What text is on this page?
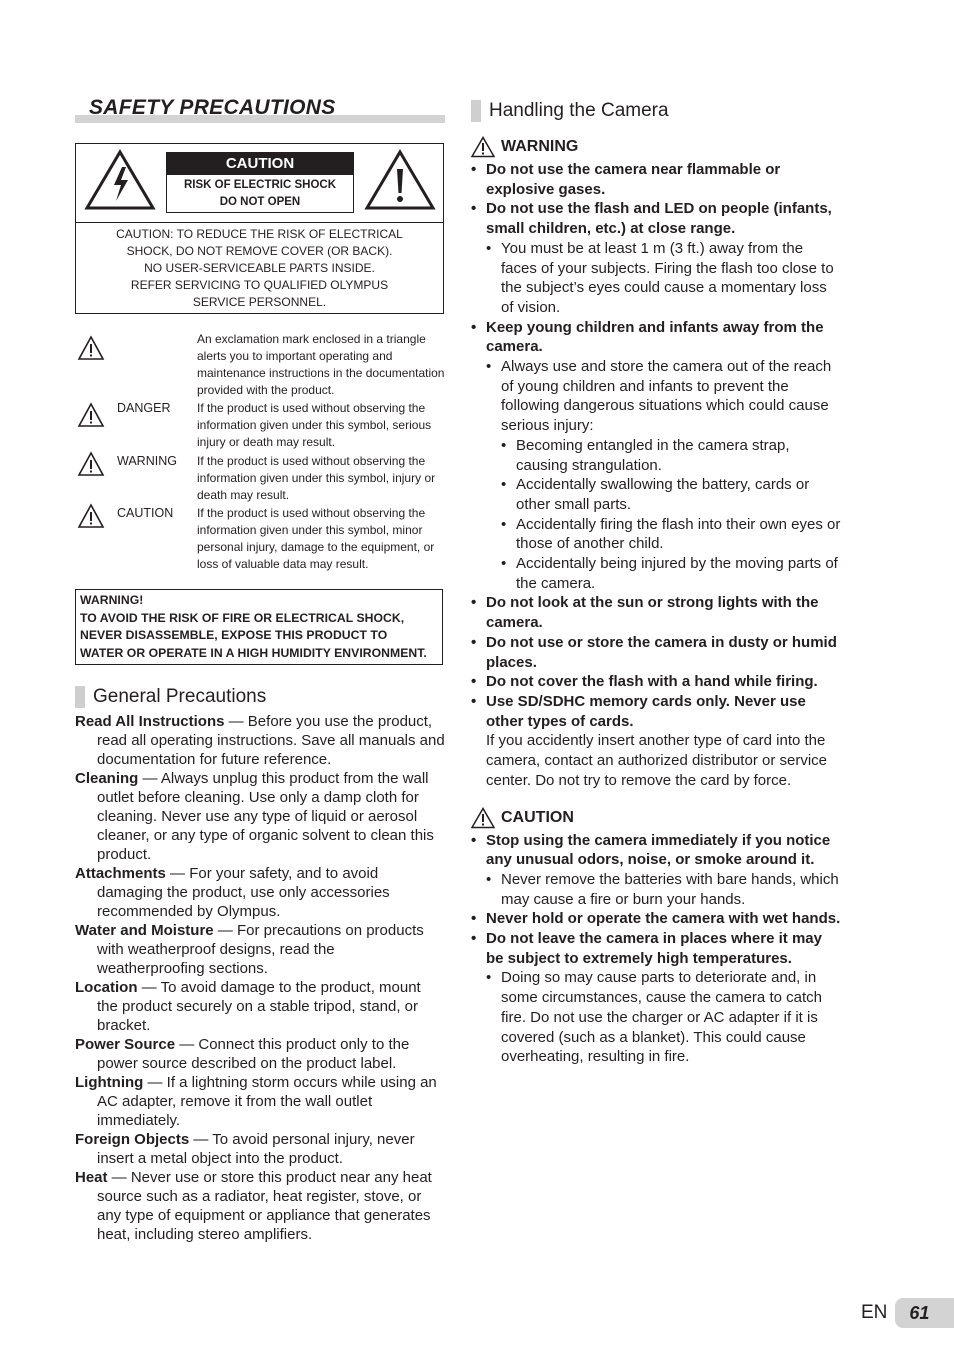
SAFETY PRECAUTIONS
CAUTION
RISK OF ELECTRIC SHOCK
DO NOT OPEN
CAUTION: TO REDUCE THE RISK OF ELECTRICAL
SHOCK, DO NOT REMOVE COVER (OR BACK).
NO USER-SERVICEABLE PARTS INSIDE.
REFER SERVICING TO QUALIFIED OLYMPUS
SERVICE PERSONNEL.
An exclamation mark enclosed in a triangle alerts you to important operating and maintenance instructions in the documentation provided with the product.
DANGER	If the product is used without observing the information given under this symbol, serious injury or death may result.
WARNING	If the product is used without observing the information given under this symbol, injury or death may result.
CAUTION	If the product is used without observing the information given under this symbol, minor personal injury, damage to the equipment, or loss of valuable data may result.
WARNING!
TO AVOID THE RISK OF FIRE OR ELECTRICAL SHOCK,
NEVER DISASSEMBLE, EXPOSE THIS PRODUCT TO
WATER OR OPERATE IN A HIGH HUMIDITY ENVIRONMENT.
General Precautions
Read All Instructions — Before you use the product, read all operating instructions. Save all manuals and documentation for future reference.
Cleaning — Always unplug this product from the wall outlet before cleaning. Use only a damp cloth for cleaning. Never use any type of liquid or aerosol cleaner, or any type of organic solvent to clean this product.
Attachments — For your safety, and to avoid damaging the product, use only accessories recommended by Olympus.
Water and Moisture — For precautions on products with weatherproof designs, read the weatherproofing sections.
Location — To avoid damage to the product, mount the product securely on a stable tripod, stand, or bracket.
Power Source — Connect this product only to the power source described on the product label.
Lightning — If a lightning storm occurs while using an AC adapter, remove it from the wall outlet immediately.
Foreign Objects — To avoid personal injury, never insert a metal object into the product.
Heat — Never use or store this product near any heat source such as a radiator, heat register, stove, or any type of equipment or appliance that generates heat, including stereo amplifiers.
Handling the Camera
WARNING
• Do not use the camera near flammable or explosive gases.
• Do not use the flash and LED on people (infants, small children, etc.) at close range.
• You must be at least 1 m (3 ft.) away from the faces of your subjects. Firing the flash too close to the subject’s eyes could cause a momentary loss of vision.
• Keep young children and infants away from the camera.
• Always use and store the camera out of the reach of young children and infants to prevent the following dangerous situations which could cause serious injury:
• Becoming entangled in the camera strap, causing strangulation.
• Accidentally swallowing the battery, cards or other small parts.
• Accidentally firing the flash into their own eyes or those of another child.
• Accidentally being injured by the moving parts of the camera.
• Do not look at the sun or strong lights with the camera.
• Do not use or store the camera in dusty or humid places.
• Do not cover the flash with a hand while firing.
• Use SD/SDHC memory cards only. Never use other types of cards.
If you accidently insert another type of card into the camera, contact an authorized distributor or service center. Do not try to remove the card by force.
CAUTION
• Stop using the camera immediately if you notice any unusual odors, noise, or smoke around it.
• Never remove the batteries with bare hands, which may cause a fire or burn your hands.
• Never hold or operate the camera with wet hands.
• Do not leave the camera in places where it may be subject to extremely high temperatures.
• Doing so may cause parts to deteriorate and, in some circumstances, cause the camera to catch fire. Do not use the charger or AC adapter if it is covered (such as a blanket). This could cause overheating, resulting in fire.
EN	61
